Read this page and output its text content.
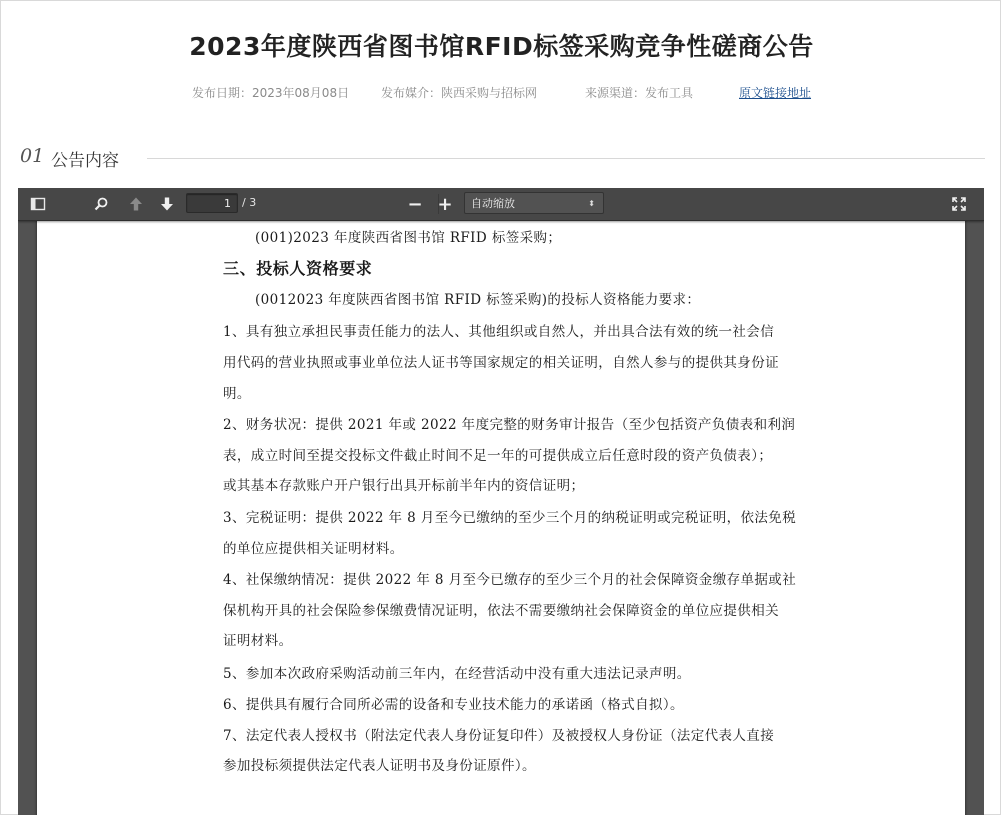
2023年度陕西省图书馆RFID标签采购竞争性磋商公告
发布日期：2023年08月08日	发布媒介：陕西采购与招标网	来源渠道：发布工具	原文链接地址
01 公告内容
1	/ 3	− +	自动缩放	⬍
(001)2023 年度陕西省图书馆 RFID 标签采购；
三、投标人资格要求
(0012023 年度陕西省图书馆 RFID 标签采购)的投标人资格能力要求：
1、具有独立承担民事责任能力的法人、其他组织或自然人，并出具合法有效的统一社会信
用代码的营业执照或事业单位法人证书等国家规定的相关证明，自然人参与的提供其身份证
明。
2、财务状况：提供 2021 年或 2022 年度完整的财务审计报告（至少包括资产负债表和利润
表，成立时间至提交投标文件截止时间不足一年的可提供成立后任意时段的资产负债表）；
或其基本存款账户开户银行出具开标前半年内的资信证明；
3、完税证明：提供 2022 年 8 月至今已缴纳的至少三个月的纳税证明或完税证明，依法免税
的单位应提供相关证明材料。
4、社保缴纳情况：提供 2022 年 8 月至今已缴存的至少三个月的社会保障资金缴存单据或社
保机构开具的社会保险参保缴费情况证明，依法不需要缴纳社会保障资金的单位应提供相关
证明材料。
5、参加本次政府采购活动前三年内，在经营活动中没有重大违法记录声明。
6、提供具有履行合同所必需的设备和专业技术能力的承诺函（格式自拟）。
7、法定代表人授权书（附法定代表人身份证复印件）及被授权人身份证（法定代表人直接
参加投标须提供法定代表人证明书及身份证原件）。
